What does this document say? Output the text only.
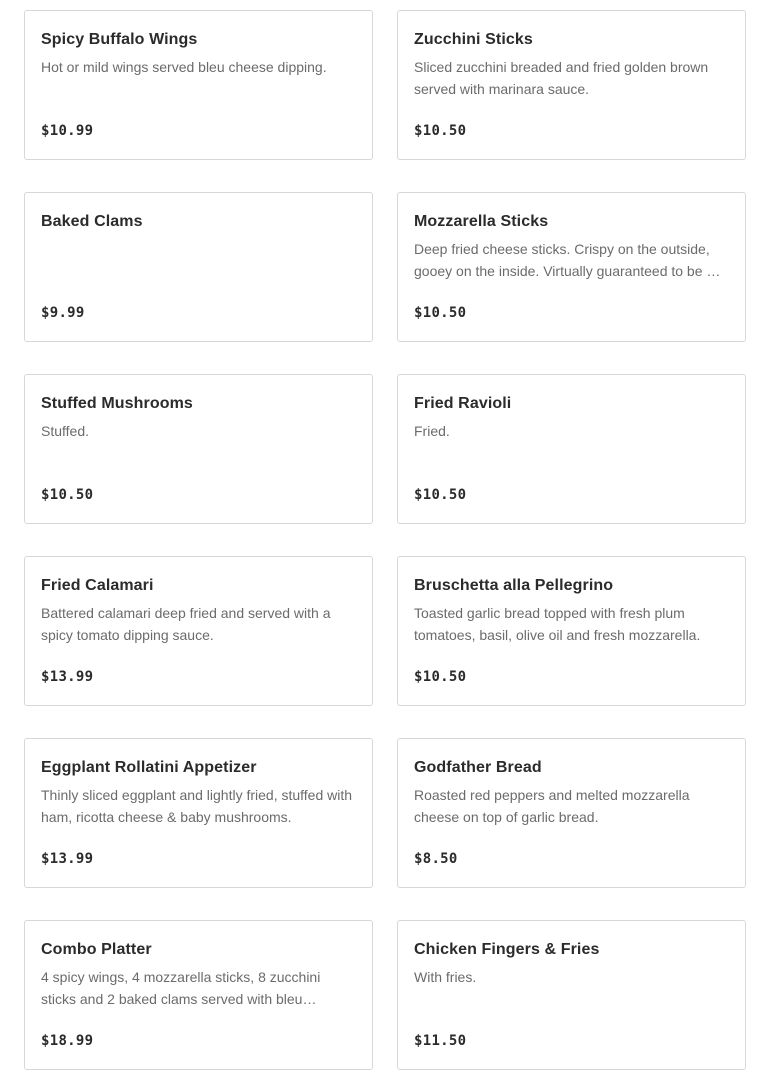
Spicy Buffalo Wings
Hot or mild wings served bleu cheese dipping.
$10.99
Zucchini Sticks
Sliced zucchini breaded and fried golden brown served with marinara sauce.
$10.50
Baked Clams
$9.99
Mozzarella Sticks
Deep fried cheese sticks. Crispy on the outside, gooey on the inside. Virtually guaranteed to be …
$10.50
Stuffed Mushrooms
Stuffed.
$10.50
Fried Ravioli
Fried.
$10.50
Fried Calamari
Battered calamari deep fried and served with a spicy tomato dipping sauce.
$13.99
Bruschetta alla Pellegrino
Toasted garlic bread topped with fresh plum tomatoes, basil, olive oil and fresh mozzarella.
$10.50
Eggplant Rollatini Appetizer
Thinly sliced eggplant and lightly fried, stuffed with ham, ricotta cheese & baby mushrooms.
$13.99
Godfather Bread
Roasted red peppers and melted mozzarella cheese on top of garlic bread.
$8.50
Combo Platter
4 spicy wings, 4 mozzarella sticks, 8 zucchini sticks and 2 baked clams served with bleu…
$18.99
Chicken Fingers & Fries
With fries.
$11.50
